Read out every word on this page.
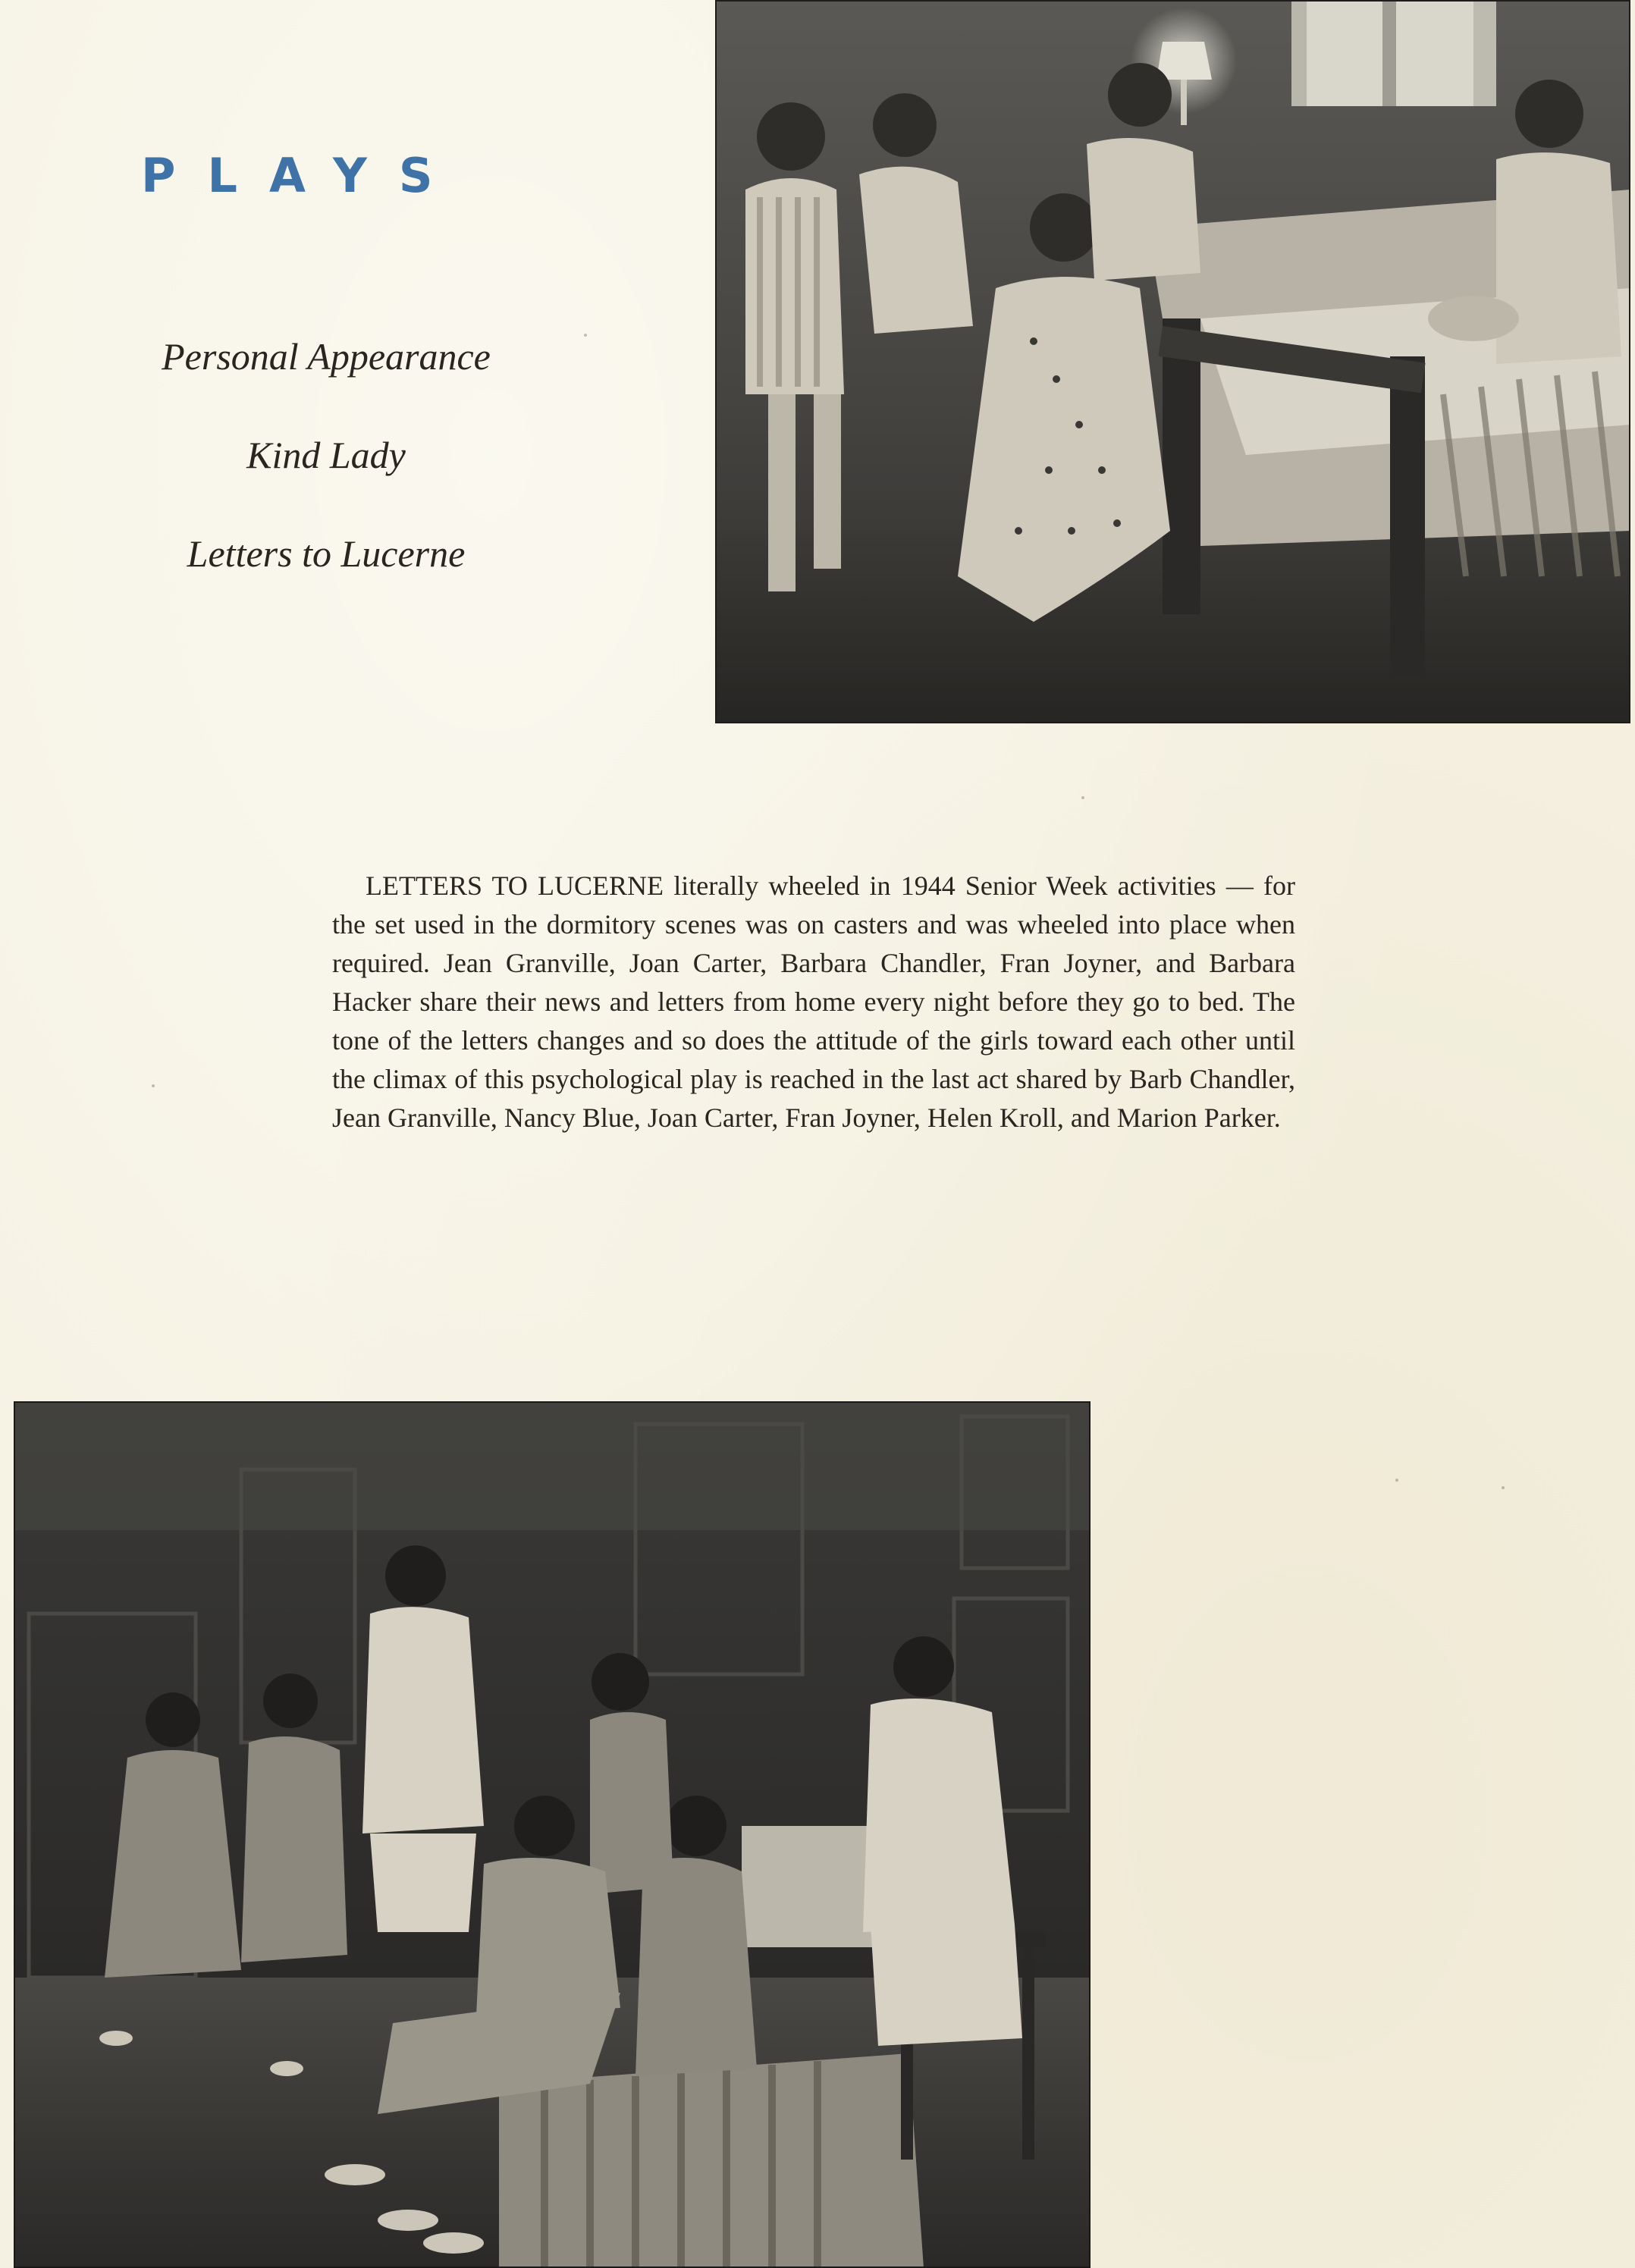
PLAYS
Personal Appearance
Kind Lady
Letters to Lucerne

LETTERS TO LUCERNE literally wheeled in 1944 Senior Week activities — for the set used in the dormitory scenes was on casters and was wheeled into place when required. Jean Granville, Joan Carter, Barbara Chandler, Fran Joyner, and Barbara Hacker share their news and letters from home every night before they go to bed. The tone of the letters changes and so does the attitude of the girls toward each other until the climax of this psychological play is reached in the last act shared by Barb Chandler, Jean Granville, Nancy Blue, Joan Carter, Fran Joyner, Helen Kroll, and Marion Parker.
